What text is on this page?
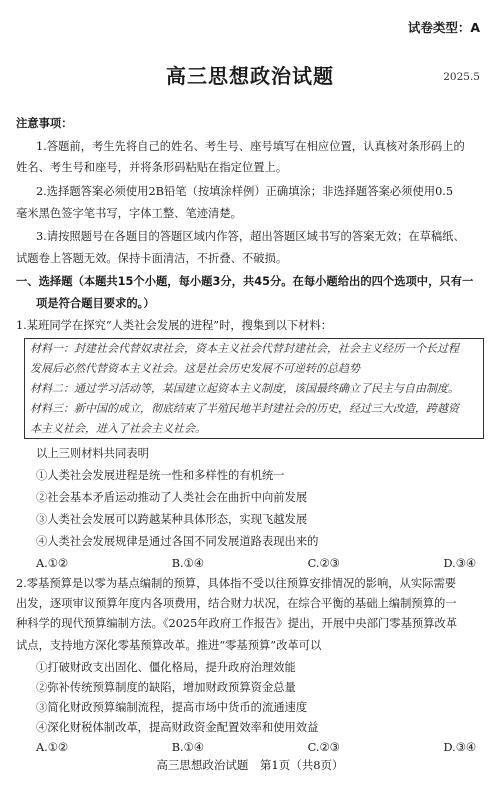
试卷类型：A
高三思想政治试题	2025.5
注意事项：
1.答题前，考生先将自己的姓名、考生号、座号填写在相应位置，认真核对条形码上的
姓名、考生号和座号，并将条形码粘贴在指定位置上。
2.选择题答案必须使用2B铅笔（按填涂样例）正确填涂；非选择题答案必须使用0.5
毫米黑色签字笔书写，字体工整、笔迹清楚。
3.请按照题号在各题目的答题区域内作答，超出答题区域书写的答案无效；在草稿纸、
试题卷上答题无效。保持卡面清洁，不折叠、不破损。
一、选择题（本题共15个小题，每小题3分，共45分。在每小题给出的四个选项中，只有一
项是符合题目要求的。）
1.某班同学在探究“人类社会发展的进程”时，搜集到以下材料：
材料一：封建社会代替奴隶社会，资本主义社会代替封建社会，社会主义经历一个长过程
发展后必然代替资本主义社会。这是社会历史发展不可逆转的总趋势
材料二：通过学习活动等，某国建立起资本主义制度，该国最终确立了民主与自由制度。
材料三：新中国的成立，彻底结束了半殖民地半封建社会的历史，经过三大改造，跨越资
本主义社会，进入了社会主义社会。
以上三则材料共同表明
①人类社会发展进程是统一性和多样性的有机统一
②社会基本矛盾运动推动了人类社会在曲折中向前发展
③人类社会发展可以跨越某种具体形态，实现飞越发展
④人类社会发展规律是通过各国不同发展道路表现出来的
A.①②	B.①④	C.②③	D.③④
2.零基预算是以零为基点编制的预算，具体指不受以往预算安排情况的影响，从实际需要
出发，逐项审议预算年度内各项费用，结合财力状况，在综合平衡的基础上编制预算的一
种科学的现代预算编制方法。《2025年政府工作报告》提出，开展中央部门零基预算改革
试点，支持地方深化零基预算改革。推进“零基预算”改革可以
①打破财政支出固化、僵化格局，提升政府治理效能
②弥补传统预算制度的缺陷，增加财政预算资金总量
③简化财政预算编制流程，提高市场中货币的流通速度
④深化财税体制改革，提高财政资金配置效率和使用效益
高三思想政治试题　第1页（共8页）
A.①②	B.①④	C.②③	D.③④
